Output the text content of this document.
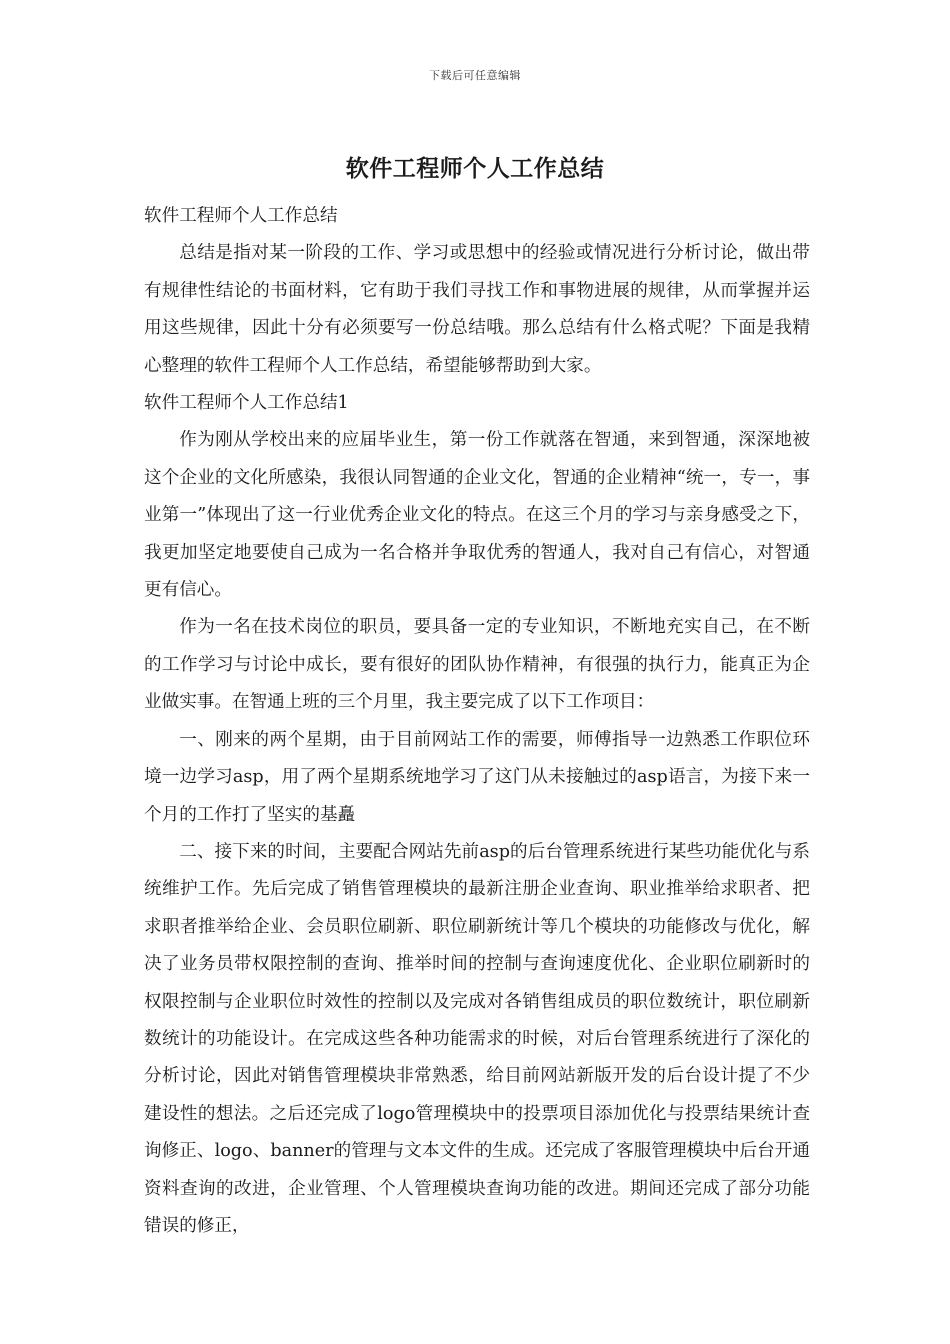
下载后可任意编辑
软件工程师个人工作总结

软件工程师个人工作总结

总结是指对某一阶段的工作、学习或思想中的经验或情况进行分析讨论，做出带有规律性结论的书面材料，它有助于我们寻找工作和事物进展的规律，从而掌握并运用这些规律，因此十分有必须要写一份总结哦。那么总结有什么格式呢？下面是我精心整理的软件工程师个人工作总结，希望能够帮助到大家。

软件工程师个人工作总结1

作为刚从学校出来的应届毕业生，第一份工作就落在智通，来到智通，深深地被这个企业的文化所感染，我很认同智通的企业文化，智通的企业精神“统一，专一，事业第一”体现出了这一行业优秀企业文化的特点。在这三个月的学习与亲身感受之下，我更加坚定地要使自己成为一名合格并争取优秀的智通人，我对自己有信心，对智通更有信心。

作为一名在技术岗位的职员，要具备一定的专业知识，不断地充实自己，在不断的工作学习与讨论中成长，要有很好的团队协作精神，有很强的执行力，能真正为企业做实事。在智通上班的三个月里，我主要完成了以下工作项目：

一、刚来的两个星期，由于目前网站工作的需要，师傅指导一边熟悉工作职位环境一边学习asp，用了两个星期系统地学习了这门从未接触过的asp语言，为接下来一个月的工作打了坚实的基矗

二、接下来的时间，主要配合网站先前asp的后台管理系统进行某些功能优化与系统维护工作。先后完成了销售管理模块的最新注册企业查询、职业推举给求职者、把求职者推举给企业、会员职位刷新、职位刷新统计等几个模块的功能修改与优化，解决了业务员带权限控制的查询、推举时间的控制与查询速度优化、企业职位刷新时的权限控制与企业职位时效性的控制以及完成对各销售组成员的职位数统计，职位刷新数统计的功能设计。在完成这些各种功能需求的时候，对后台管理系统进行了深化的分析讨论，因此对销售管理模块非常熟悉，给目前网站新版开发的后台设计提了不少建设性的想法。之后还完成了logo管理模块中的投票项目添加优化与投票结果统计查询修正、logo、banner的管理与文本文件的生成。还完成了客服管理模块中后台开通资料查询的改进，企业管理、个人管理模块查询功能的改进。期间还完成了部分功能错误的修正，
